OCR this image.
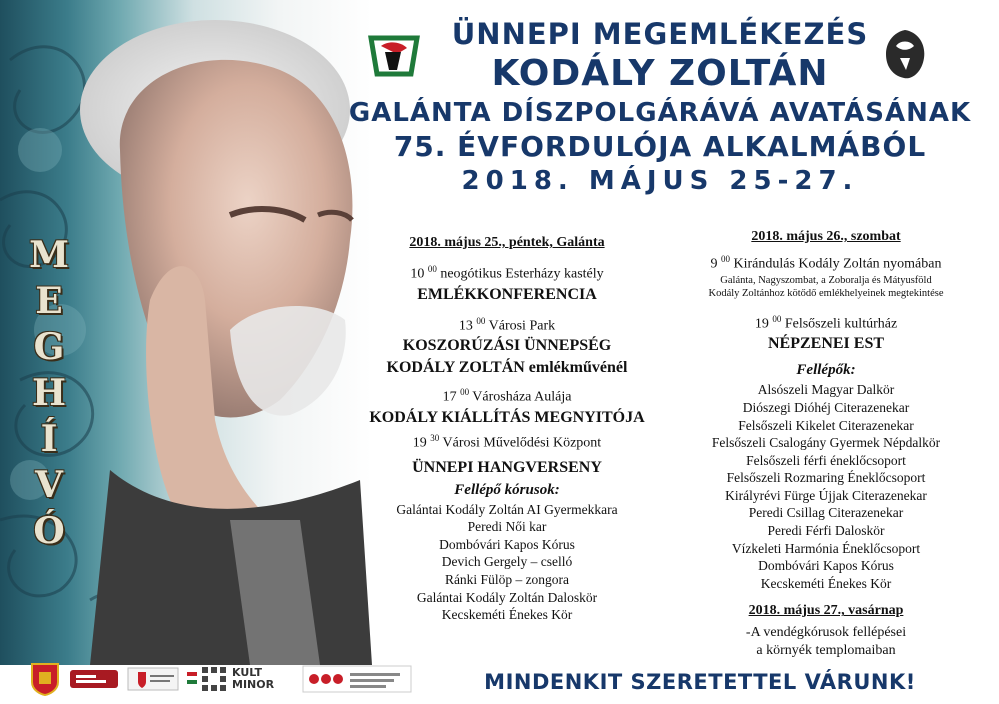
M
E
G
H
Í
V
Ó
ÜNNEPI MEGEMLÉKEZÉS
KODÁLY ZOLTÁN
GALÁNTA DÍSZPOLGÁRÁVÁ AVATÁSÁNAK
75. ÉVFORDULÓJA ALKALMÁBÓL
2018. MÁJUS 25-27.
2018. május 25., péntek, Galánta
10 $^{00}$ neogótikus Esterházy kastély
EMLÉKKONFERENCIA
13 $^{00}$ Városi Park
KOSZORÚZÁSI ÜNNEPSÉG
KODÁLY ZOLTÁN emlékművénél
17 $^{00}$ Városháza Aulája
KODÁLY KIÁLLÍTÁS MEGNYITÓJA
19 $^{30}$ Városi Művelődési Központ
ÜNNEPI HANGVERSENY
Fellépő kórusok:
Galántai Kodály Zoltán AI Gyermekkara
Peredi Női kar
Dombóvári Kapos Kórus
Devich Gergely – cselló
Ránki Fülöp – zongora
Galántai Kodály Zoltán Daloskör
Kecskeméti Énekes Kör
2018. május 26., szombat
9 $^{00}$ Kirándulás Kodály Zoltán nyomában
Galánta, Nagyszombat, a Zoboralja és Mátyusföld
Kodály Zoltánhoz kötődő emlékhelyeinek megtekintése
19 $^{00}$ Felsőszeli kultúrház
NÉPZENEI EST
Fellépők:
Alsószeli Magyar Dalkör
Diószegi Dióhéj Citerazenekar
Felsőszeli Kikelet Citerazenekar
Felsőszeli Csalogány Gyermek Népdalkör
Felsőszeli férfi éneklőcsoport
Felsőszeli Rozmaring Éneklőcsoport
Királyrévi Fürge Újjak Citerazenekar
Peredi Csillag Citerazenekar
Peredi Férfi Daloskör
Vízkeleti Harmónia Éneklőcsoport
Dombóvári Kapos Kórus
Kecskeméti Énekes Kör
2018. május 27., vasárnap
-A vendégkórusok fellépései
a környék templomaiban
KULT
MINOR	MINDENKIT SZERETETTEL VÁRUNK!
